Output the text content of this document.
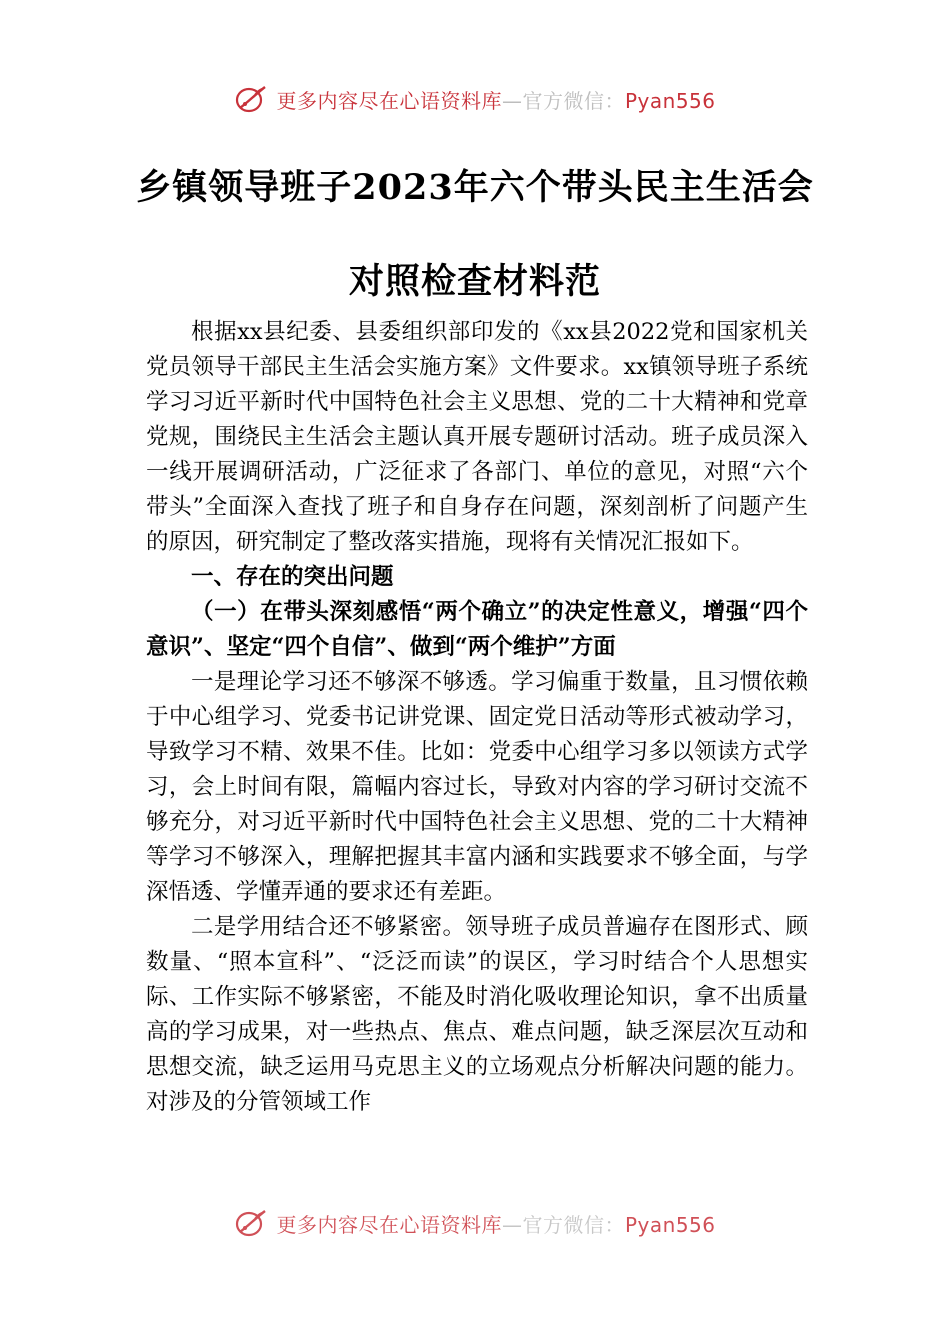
更多内容尽在心语资料库—官方微信：Pyan556
乡镇领导班子2023年六个带头民主生活会
对照检查材料范

根据xx县纪委、县委组织部印发的《xx县2022党和国家机关党员领导干部民主生活会实施方案》文件要求。xx镇领导班子系统学习习近平新时代中国特色社会主义思想、党的二十大精神和党章党规，围绕民主生活会主题认真开展专题研讨活动。班子成员深入一线开展调研活动，广泛征求了各部门、单位的意见，对照“六个带头”全面深入查找了班子和自身存在问题，深刻剖析了问题产生的原因，研究制定了整改落实措施，现将有关情况汇报如下。

一、存在的突出问题

（一）在带头深刻感悟“两个确立”的决定性意义，增强“四个意识”、坚定“四个自信”、做到“两个维护”方面

一是理论学习还不够深不够透。学习偏重于数量，且习惯依赖于中心组学习、党委书记讲党课、固定党日活动等形式被动学习，导致学习不精、效果不佳。比如：党委中心组学习多以领读方式学习，会上时间有限，篇幅内容过长，导致对内容的学习研讨交流不够充分，对习近平新时代中国特色社会主义思想、党的二十大精神等学习不够深入，理解把握其丰富内涵和实践要求不够全面，与学深悟透、学懂弄通的要求还有差距。

二是学用结合还不够紧密。领导班子成员普遍存在图形式、顾数量、“照本宣科”、“泛泛而读”的误区，学习时结合个人思想实际、工作实际不够紧密，不能及时消化吸收理论知识，拿不出质量高的学习成果，对一些热点、焦点、难点问题，缺乏深层次互动和思想交流，缺乏运用马克思主义的立场观点分析解决问题的能力。对涉及的分管领域工作

更多内容尽在心语资料库—官方微信：Pyan556
